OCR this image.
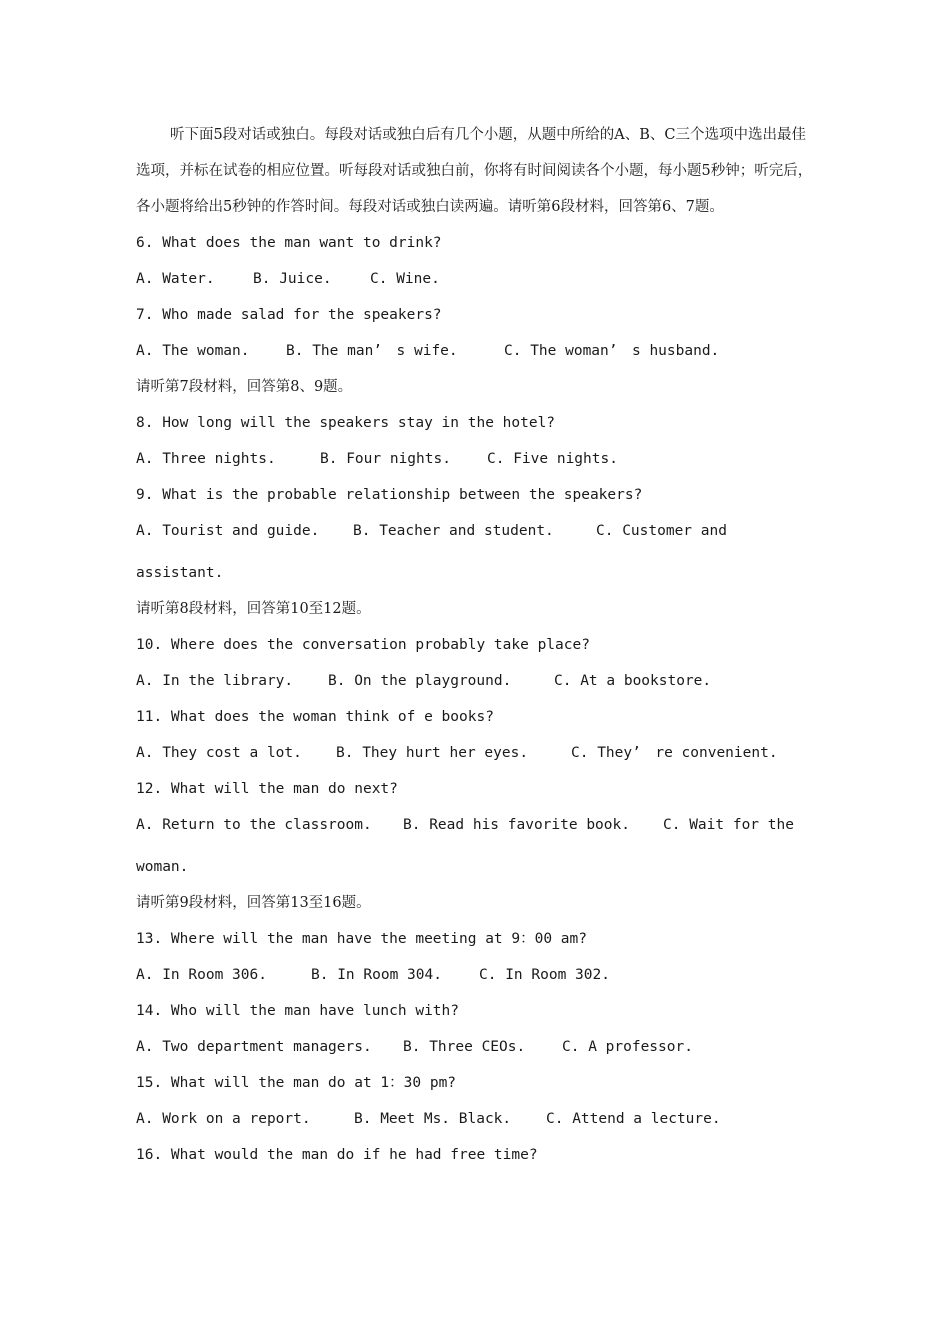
听下面5段对话或独白。每段对话或独白后有几个小题，从题中所给的A、B、C三个选项中选出最佳选项，并标在试卷的相应位置。听每段对话或独白前，你将有时间阅读各个小题，每小题5秒钟；听完后，各小题将给出5秒钟的作答时间。每段对话或独白读两遍。请听第6段材料，回答第6、7题。

6. What does the man want to drink?
A. Water.	B. Juice.	C. Wine.
7. Who made salad for the speakers?
A. The woman.	B. The man’　s wife.	C. The woman’　s husband.
请听第7段材料，回答第8、9题。
8. How long will the speakers stay in the hotel?
A. Three nights.	B. Four nights. C. Five nights.
9. What is the probable relationship between the speakers?
A. Tourist and guide. B. Teacher and student.	C. Customer and
assistant.
请听第8段材料，回答第10至12题。
10. Where does the conversation probably take place?
A. In the library. B. On the playground.	C. At a bookstore.
11. What does the woman think of e books?
A. They cost a lot. B. They hurt her eyes.	C. They’　re convenient.
12. What will the man do next?
A. Return to the classroom. B. Read his favorite book. C. Wait for the
woman.
请听第9段材料，回答第13至16题。
13. Where will the man have the meeting at 9：00 am?
A. In Room 306.	B. In Room 304.	C. In Room 302.
14. Who will the man have lunch with?
A. Two department managers. B. Three CEOs.	C. A professor.
15. What will the man do at 1：30 pm?
A. Work on a report.	B. Meet Ms. Black. C. Attend a lecture.
16. What would the man do if he had free time?
